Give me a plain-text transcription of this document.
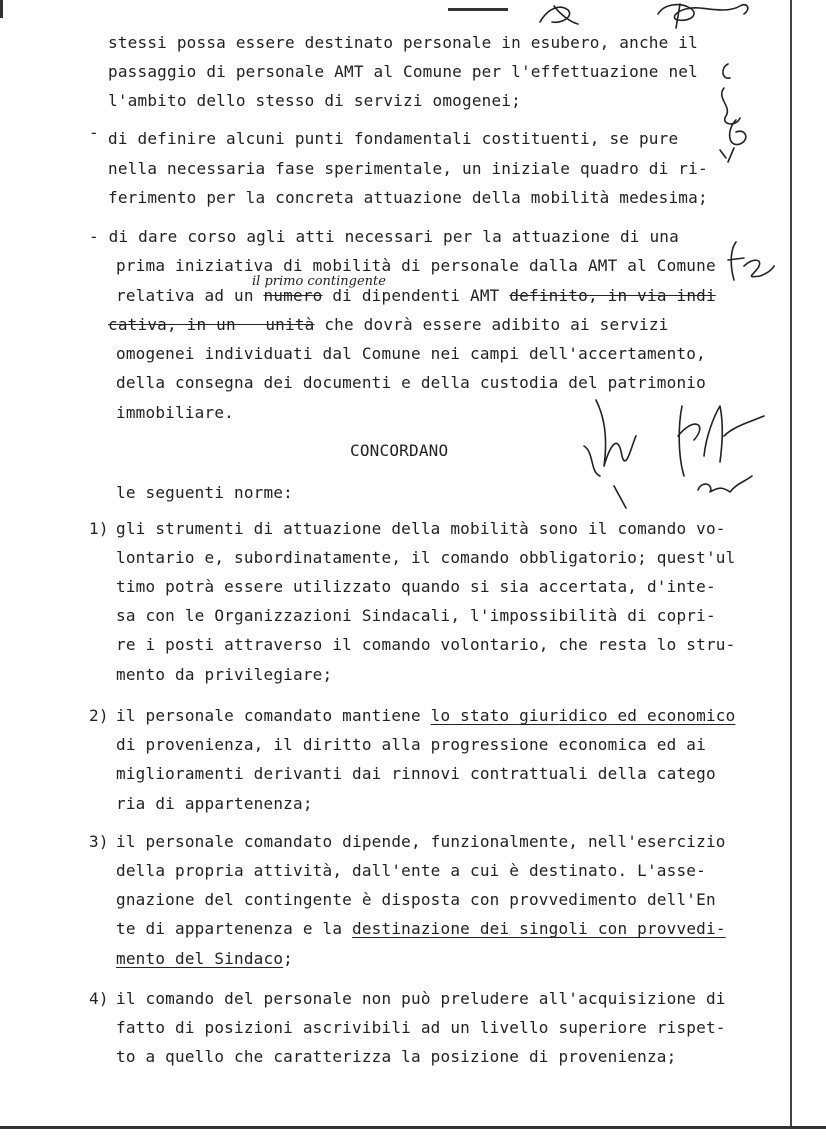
stessi possa essere destinato personale in esubero, anche il
passaggio di personale AMT al Comune per l'effettuazione nel
l'ambito dello stesso di servizi omogenei;
- di definire alcuni punti fondamentali costituenti, se pure
nella necessaria fase sperimentale, un iniziale quadro di ri-
ferimento per la concreta attuazione della mobilità medesima;
- di dare corso agli atti necessari per la attuazione di una
prima iniziativa di mobilità di personale dalla AMT al Comune
il primo contingente
relativa ad un numero di dipendenti AMT definito, in via indi
cativa, in un   unità che dovrà essere adibito ai servizi
omogenei individuati dal Comune nei campi dell'accertamento,
della consegna dei documenti e della custodia del patrimonio
immobiliare.
CONCORDANO
le seguenti norme:
1) gli strumenti di attuazione della mobilità sono il comando vo-
lontario e, subordinatamente, il comando obbligatorio; quest'ul
timo potrà essere utilizzato quando si sia accertata, d'inte-
sa con le Organizzazioni Sindacali, l'impossibilità di copri-
re i posti attraverso il comando volontario, che resta lo stru-
mento da privilegiare;
2) il personale comandato mantiene lo stato giuridico ed economico
di provenienza, il diritto alla progressione economica ed ai
miglioramenti derivanti dai rinnovi contrattuali della catego
ria di appartenenza;
3) il personale comandato dipende, funzionalmente, nell'esercizio
della propria attività, dall'ente a cui è destinato. L'asse-
gnazione del contingente è disposta con provvedimento dell'En
te di appartenenza e la destinazione dei singoli con provvedi-
mento del Sindaco;
4) il comando del personale non può preludere all'acquisizione di
fatto di posizioni ascrivibili ad un livello superiore rispet-
to a quello che caratterizza la posizione di provenienza;
